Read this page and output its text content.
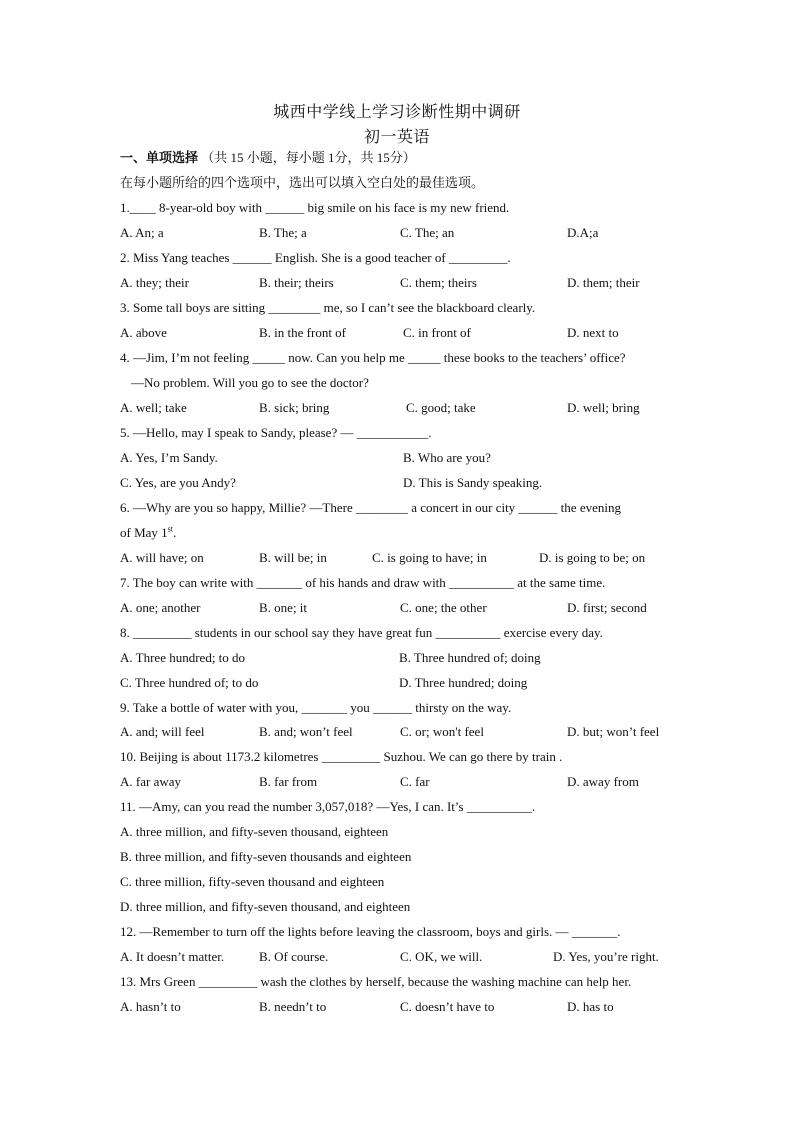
城西中学线上学习诊断性期中调研
初一英语
一、单项选择 （共 15 小题，每小题 1分，共 15分）
在每小题所给的四个选项中，选出可以填入空白处的最佳选项。
1.____ 8-year-old boy with ______ big smile on his face is my new friend.
A. An; a	B. The; a	C. The; an	D.A;a
2. Miss Yang teaches ______ English. She is a good teacher of _________.
A. they; their	B. their; theirs	C. them; theirs	D. them; their
3. Some tall boys are sitting ________ me, so I can’t see the blackboard clearly.
A. above	B. in the front of	C. in front of	D. next to
4. —Jim, I’m not feeling _____ now. Can you help me _____ these books to the teachers’ office?
—No problem. Will you go to see the doctor?
A. well; take	B. sick; bring	C. good; take	D. well; bring
5. —Hello, may I speak to Sandy, please? — ___________.
A. Yes, I’m Sandy.	B. Who are you?
C. Yes, are you Andy?	D. This is Sandy speaking.
6. —Why are you so happy, Millie? —There ________ a concert in our city ______ the evening
of May 1st.
A. will have; on	B. will be; in	C. is going to have; in	D. is going to be; on
7. The boy can write with _______ of his hands and draw with __________ at the same time.
A. one; another	B. one; it	C. one; the other	D. first; second
8. _________ students in our school say they have great fun __________ exercise every day.
A. Three hundred; to do	B. Three hundred of; doing
C. Three hundred of; to do	D. Three hundred; doing
9. Take a bottle of water with you, _______ you ______ thirsty on the way.
A. and; will feel	B. and; won’t feel	C. or; won't feel	D. but; won’t feel
10. Beijing is about 1173.2 kilometres _________ Suzhou. We can go there by train .
A. far away	B. far from	C. far	D. away from
11. —Amy, can you read the number 3,057,018? —Yes, I can. It’s __________.
A. three million, and fifty-seven thousand, eighteen
B. three million, and fifty-seven thousands and eighteen
C. three million, fifty-seven thousand and eighteen
D. three million, and fifty-seven thousand, and eighteen
12. —Remember to turn off the lights before leaving the classroom, boys and girls. — _______.
A. It doesn’t matter.	B. Of course.	C. OK, we will.	D. Yes, you’re right.
13. Mrs Green _________ wash the clothes by herself, because the washing machine can help her.
A. hasn’t to	B. needn’t to	C. doesn’t have to	D. has to
